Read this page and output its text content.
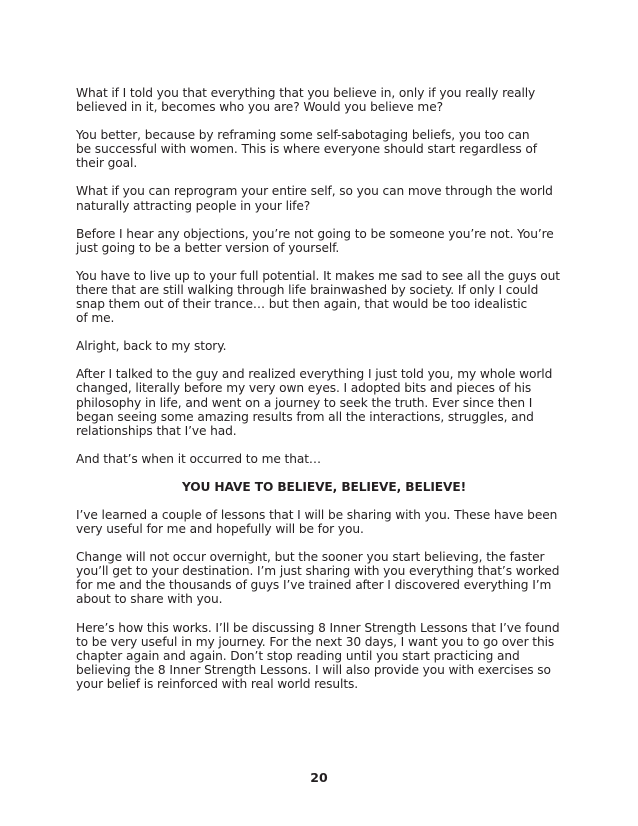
What if I told you that everything that you believe in, only if you really really
believed in it, becomes who you are? Would you believe me?
You better, because by reframing some self-sabotaging beliefs, you too can
be successful with women. This is where everyone should start regardless of
their goal.
What if you can reprogram your entire self, so you can move through the world
naturally attracting people in your life?
Before I hear any objections, you’re not going to be someone you’re not. You’re
just going to be a better version of yourself.
You have to live up to your full potential. It makes me sad to see all the guys out
there that are still walking through life brainwashed by society. If only I could
snap them out of their trance… but then again, that would be too idealistic
of me.
Alright, back to my story.
After I talked to the guy and realized everything I just told you, my whole world
changed, literally before my very own eyes. I adopted bits and pieces of his
philosophy in life, and went on a journey to seek the truth. Ever since then I
began seeing some amazing results from all the interactions, struggles, and
relationships that I’ve had.
And that’s when it occurred to me that…
YOU HAVE TO BELIEVE, BELIEVE, BELIEVE!
I’ve learned a couple of lessons that I will be sharing with you. These have been
very useful for me and hopefully will be for you.
Change will not occur overnight, but the sooner you start believing, the faster
you’ll get to your destination. I’m just sharing with you everything that’s worked
for me and the thousands of guys I’ve trained after I discovered everything I’m
about to share with you.
Here’s how this works. I’ll be discussing 8 Inner Strength Lessons that I’ve found
to be very useful in my journey. For the next 30 days, I want you to go over this
chapter again and again. Don’t stop reading until you start practicing and
believing the 8 Inner Strength Lessons. I will also provide you with exercises so
your belief is reinforced with real world results.
20
